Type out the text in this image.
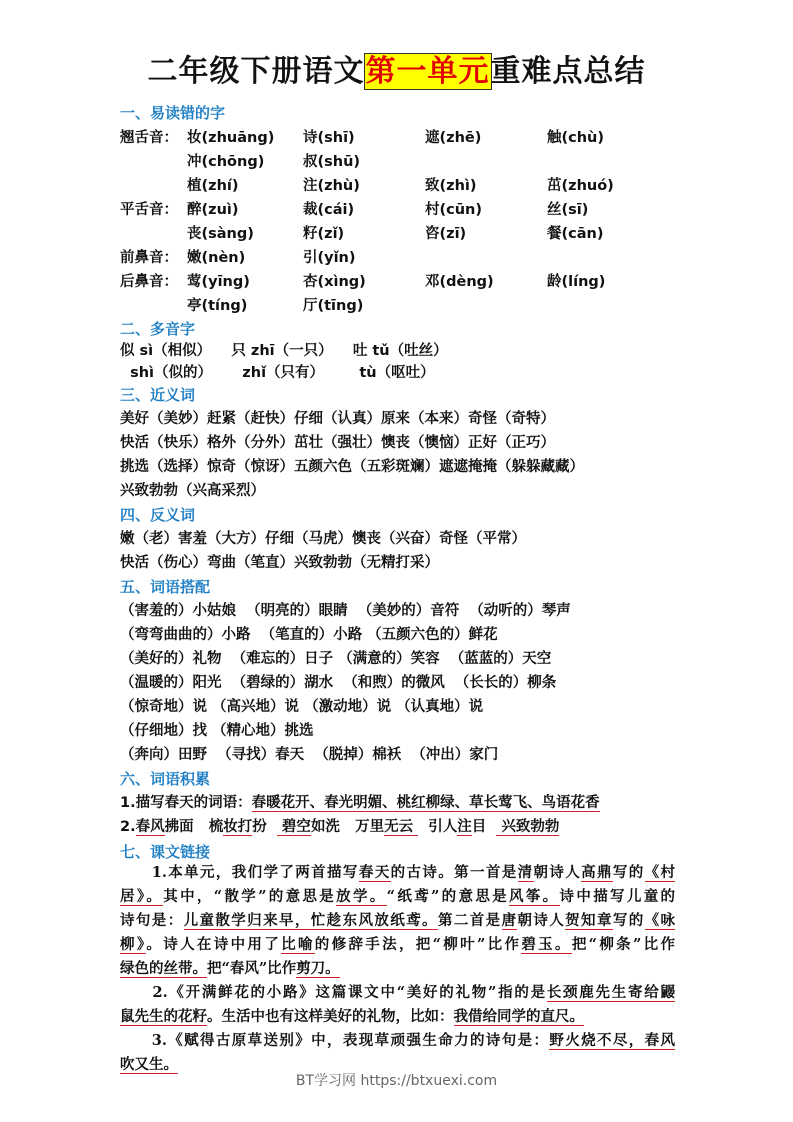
二年级下册语文第一单元重难点总结
一、易读错的字
翘舌音： 妆(zhuāng) 诗(shī)	遮(zhē)	触(chù)
冲(chōng)	叔(shū)
植(zhí)	注(zhù)	致(zhì)	茁(zhuó)
平舌音： 醉(zuì)	裁(cái)	村(cūn)	丝(sī)
丧(sàng)	籽(zǐ)	咨(zī)	餐(cān)
前鼻音： 嫩(nèn)	引(yǐn)
后鼻音： 莺(yīng)	杏(xìng)	邓(dèng)	龄(líng)
亭(tíng)	厅(tīng)
二、多音字
似 sì（相似）    只 zhī（一只）    吐 tǔ（吐丝）
shì（似的）      zhǐ（只有）       tù（呕吐）
三、近义词
美好（美妙）赶紧（赶快）仔细（认真）原来（本来）奇怪（奇特）
快活（快乐）格外（分外）茁壮（强壮）懊丧（懊恼）正好（正巧）
挑选（选择）惊奇（惊讶）五颜六色（五彩斑斓）遮遮掩掩（躲躲藏藏）
兴致勃勃（兴高采烈）
四、反义词
嫩（老）害羞（大方）仔细（马虎）懊丧（兴奋）奇怪（平常）
快活（伤心）弯曲（笔直）兴致勃勃（无精打采）
五、词语搭配
（害羞的）小姑娘  （明亮的）眼睛  （美妙的）音符  （动听的）琴声
（弯弯曲曲的）小路  （笔直的）小路 （五颜六色的）鲜花
（美好的）礼物  （难忘的）日子 （满意的）笑容  （蓝蓝的）天空
（温暖的）阳光  （碧绿的）湖水  （和煦）的微风  （长长的）柳条
（惊奇地）说 （高兴地）说 （激动地）说 （认真地）说
（仔细地）找 （精心地）挑选
（奔向）田野  （寻找）春天  （脱掉）棉袄  （冲出）家门
六、词语积累
1.描写春天的词语：春暖花开、春光明媚、桃红柳绿、草长莺飞、鸟语花香
2.春风拂面   梳妆打扮   碧空如洗   万里无云   引人注目   兴致勃勃
七、课文链接
　　1.本单元，我们学了两首描写春天的古诗。第一首是清朝诗人高鼎写的《村
居》。其中，“散学”的意思是放学。“纸鸢”的意思是风筝。诗中描写儿童的
诗句是：儿童散学归来早，忙趁东风放纸鸢。第二首是唐朝诗人贺知章写的《咏
柳》。诗人在诗中用了比喻的修辞手法，把“柳叶”比作碧玉。把“柳条”比作
绿色的丝带。把“春风”比作剪刀。
　　2.《开满鲜花的小路》这篇课文中“美好的礼物”指的是长颈鹿先生寄给鼹
鼠先生的花籽。生活中也有这样美好的礼物，比如：我借给同学的直尺。
　　3.《赋得古原草送别》中，表现草顽强生命力的诗句是：野火烧不尽，春风
吹又生。
BT学习网 https://btxuexi.com
